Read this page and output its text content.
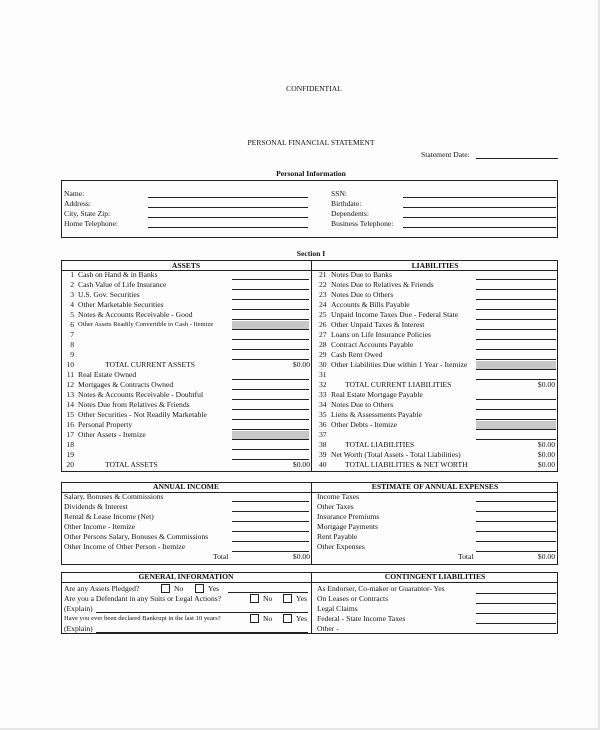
CONFIDENTIAL
PERSONAL FINANCIAL STATEMENT
Statement Date:
Personal Information
Section I
ASSETS	LIABILITIES
ANNUAL INCOME	ESTIMATE OF ANNUAL EXPENSES
GENERAL INFORMATION	CONTINGENT LIABILITIES
Are any Assets Pledged?	No	Yes
Are you a Defendant in any Suits or Legal Actions?	No	Yes
(Explain)
Have you ever been declared Bankrupt in the last 10 years?	No	Yes
(Explain)
Name:
Address:
City, State Zip:
Home Telephone:
SSN:
Birthdate:
Dependents:
Business Telephone:
1 Cash on Hand & in Banks
2 Cash Value of Life Insurance
3 U.S. Gov. Securities
4 Other Marketable Securities
5 Notes & Accounts Receivable - Good
6 Other Assets Readily Convertible to Cash - Itemize
7
8
9
10	TOTAL CURRENT ASSETS	$0.00
11 Real Estate Owned
12 Mortgages & Contracts Owned
13 Notes & Accounts Receivable - Doubtful
14 Notes Due from Relatives & Friends
15 Other Securities - Not Readily Marketable
16 Personal Property
17 Other Assets - Itemize
18
19
20	TOTAL ASSETS	$0.00
21 Notes Due to Banks
22 Notes Due to Relatives & Friends
23 Notes Due to Others
24 Accounts & Bills Payable
25 Unpaid Income Taxes Due - Federal State
26 Other Unpaid Taxes & Interest
27 Loans on Life Insurance Policies
28 Contract Accounts Payable
29 Cash Rent Owed
30 Other Liabilities Due within 1 Year - Itemize
31
32 TOTAL CURRENT LIABILITIES	$0.00
33 Real Estate Mortgage Payable
34 Notes Due to Others
35 Liens & Assessments Payable
36 Other Debts - Itemize
37
38 TOTAL LIABILITIES	$0.00
39 Net Worth (Total Assets - Total Liabilities)	$0.00
40 TOTAL LIABILITIES & NET WORTH	$0.00
Salary, Bonuses & Commissions
Dividends & Interest
Rental & Lease Income (Net)
Other Income - Itemize
Other Persons Salary, Bonuses & Commissions
Other Income of Other Person - Itemize
Total	$0.00
Income Taxes
Other Taxes
Insurance Premiums
Mortgage Payments
Rent Payable
Other Expenses
Total	$0.00
As Endorser, Co-maker or Guarantor- Yes
On Leases or Contracts
Legal Claims
Federal - State Income Taxes
Other -
